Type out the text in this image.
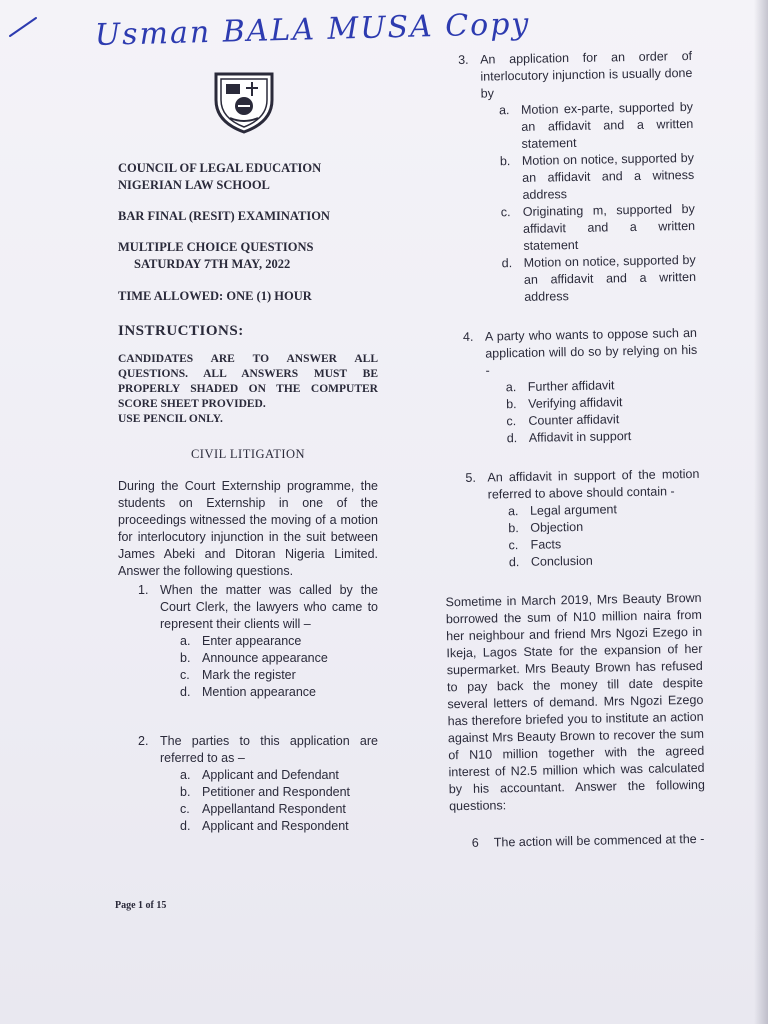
Usman BALA MUSA Copy

COUNCIL OF LEGAL EDUCATION

NIGERIAN LAW SCHOOL

BAR FINAL (RESIT) EXAMINATION

MULTIPLE CHOICE QUESTIONS

SATURDAY 7TH MAY, 2022

TIME ALLOWED: ONE (1) HOUR

INSTRUCTIONS:
CANDIDATES ARE TO ANSWER ALL QUESTIONS. ALL ANSWERS MUST BE PROPERLY SHADED ON THE COMPUTER SCORE SHEET PROVIDED.
USE PENCIL ONLY.
CIVIL LITIGATION
During the Court Externship programme, the students on Externship in one of the proceedings witnessed the moving of a motion for interlocutory injunction in the suit between James Abeki and Ditoran Nigeria Limited. Answer the following questions.
1. When the matter was called by the Court Clerk, the lawyers who came to represent their clients will –
a. Enter appearance
b. Announce appearance
c. Mark the register
d. Mention appearance
2. The parties to this application are referred to as –
a. Applicant and Defendant
b. Petitioner and Respondent
c. Appellantand Respondent
d. Applicant and Respondent
3. An application for an order of interlocutory injunction is usually done by
a. Motion ex-parte, supported by an affidavit and a written statement
b. Motion on notice, supported by an affidavit and a witness address
c. Originating m, supported by affidavit and a written statement
d. Motion on notice, supported by an affidavit and a written address
4. A party who wants to oppose such an application will do so by relying on his -
a. Further affidavit
b. Verifying affidavit
c. Counter affidavit
d. Affidavit in support
5. An affidavit in support of the motion referred to above should contain -
a. Legal argument
b. Objection
c. Facts
d. Conclusion
Sometime in March 2019, Mrs Beauty Brown borrowed the sum of N10 million naira from her neighbour and friend Mrs Ngozi Ezego in Ikeja, Lagos State for the expansion of her supermarket. Mrs Beauty Brown has refused to pay back the money till date despite several letters of demand. Mrs Ngozi Ezego has therefore briefed you to institute an action against Mrs Beauty Brown to recover the sum of N10 million together with the agreed interest of N2.5 million which was calculated by his accountant. Answer the following questions:
6	The action will be commenced at the -
Page 1 of 15
